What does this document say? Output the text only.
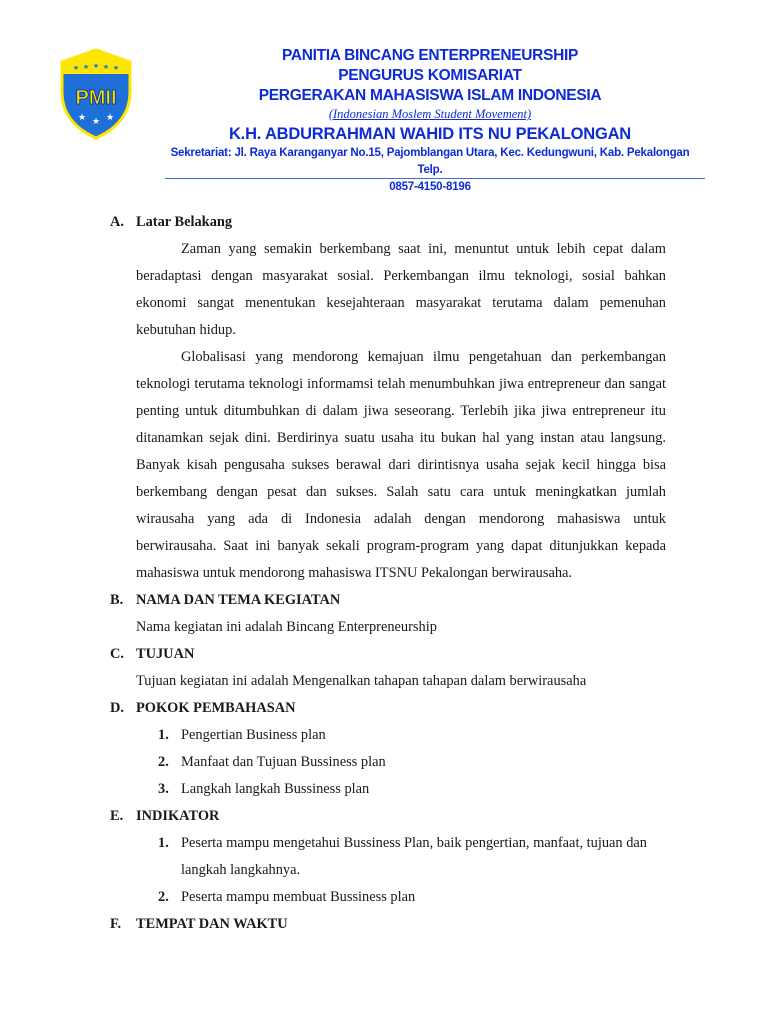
★ ★ ★ ★ ★
PMII
★ ★ ★
PANITIA BINCANG ENTERPRENEURSHIP
PENGURUS KOMISARIAT
PERGERAKAN MAHASISWA ISLAM INDONESIA
(Indonesian Moslem Student Movement)
K.H. ABDURRAHMAN WAHID ITS NU PEKALONGAN
Sekretariat: Jl. Raya Karanganyar No.15, Pajomblangan Utara, Kec. Kedungwuni, Kab. Pekalongan Telp.
0857-4150-8196
A. Latar Belakang
Zaman yang semakin berkembang saat ini, menuntut untuk lebih cepat dalam beradaptasi dengan masyarakat sosial. Perkembangan ilmu teknologi, sosial bahkan ekonomi sangat menentukan kesejahteraan masyarakat terutama dalam pemenuhan kebutuhan hidup.
Globalisasi yang mendorong kemajuan ilmu pengetahuan dan perkembangan teknologi terutama teknologi informamsi telah menumbuhkan jiwa entrepreneur dan sangat penting untuk ditumbuhkan di dalam jiwa seseorang. Terlebih jika jiwa entrepreneur itu ditanamkan sejak dini. Berdirinya suatu usaha itu bukan hal yang instan atau langsung. Banyak kisah pengusaha sukses berawal dari dirintisnya usaha sejak kecil hingga bisa berkembang dengan pesat dan sukses. Salah satu cara untuk meningkatkan jumlah wirausaha yang ada di Indonesia adalah dengan mendorong mahasiswa untuk berwirausaha. Saat ini banyak sekali program-program yang dapat ditunjukkan kepada mahasiswa untuk mendorong mahasiswa ITSNU Pekalongan berwirausaha.
B. NAMA DAN TEMA KEGIATAN
Nama kegiatan ini adalah Bincang Enterpreneurship
C. TUJUAN
Tujuan kegiatan ini adalah Mengenalkan tahapan tahapan dalam berwirausaha
D. POKOK PEMBAHASAN
1. Pengertian Business plan
2. Manfaat dan Tujuan Bussiness plan
3. Langkah langkah Bussiness plan
E. INDIKATOR
1. Peserta mampu mengetahui Bussiness Plan, baik pengertian, manfaat, tujuan dan langkah langkahnya.
2. Peserta mampu membuat Bussiness plan
F.	TEMPAT DAN WAKTU
